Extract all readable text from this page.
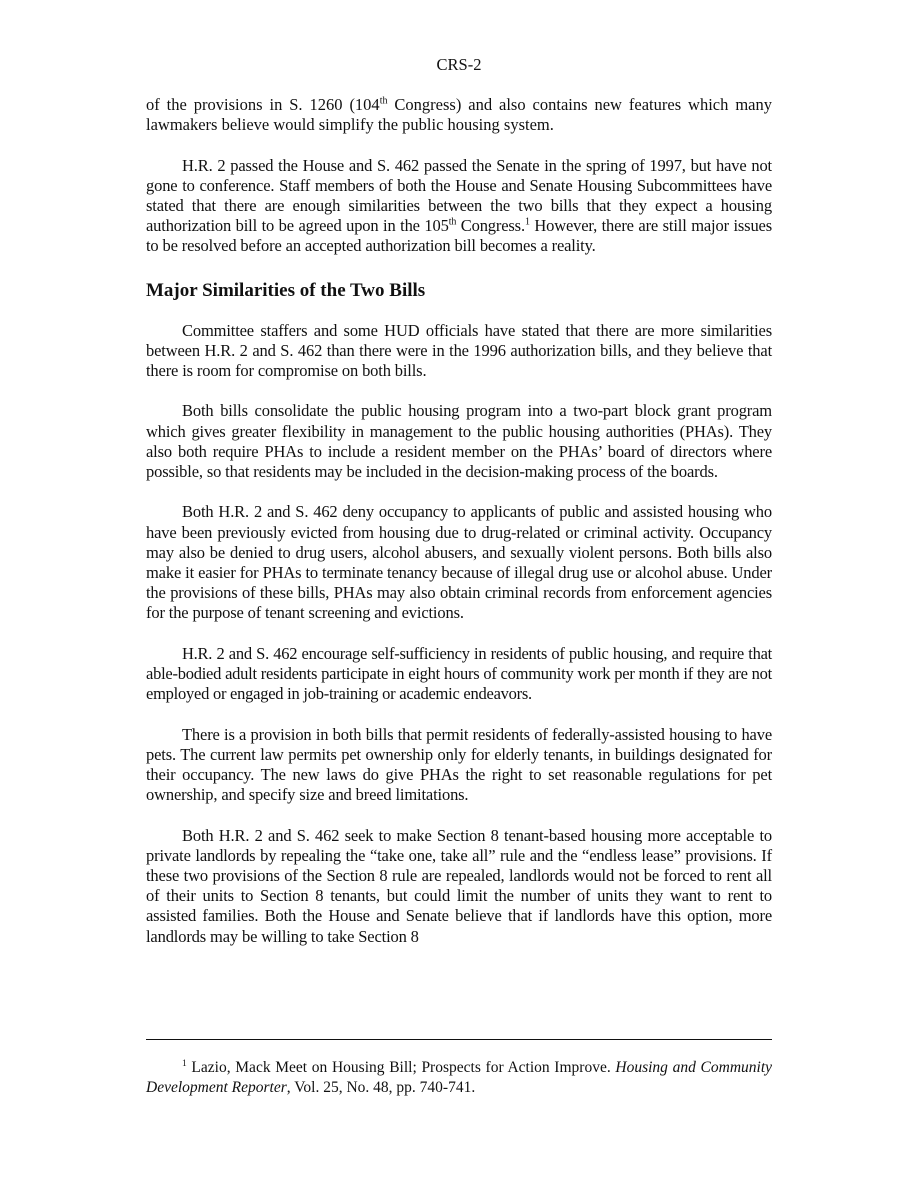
CRS-2

of the provisions in S. 1260 (104th Congress) and also contains new features which many lawmakers believe would simplify the public housing system.

H.R. 2 passed the House and S. 462 passed the Senate in the spring of 1997, but have not gone to conference. Staff members of both the House and Senate Housing Subcommittees have stated that there are enough similarities between the two bills that they expect a housing authorization bill to be agreed upon in the 105th Congress.$^1$ However, there are still major issues to be resolved before an accepted authorization bill becomes a reality.

Major Similarities of the Two Bills

Committee staffers and some HUD officials have stated that there are more similarities between H.R. 2 and S. 462 than there were in the 1996 authorization bills, and they believe that there is room for compromise on both bills.

Both bills consolidate the public housing program into a two-part block grant program which gives greater flexibility in management to the public housing authorities (PHAs). They also both require PHAs to include a resident member on the PHAs’ board of directors where possible, so that residents may be included in the decision-making process of the boards.

Both H.R. 2 and S. 462 deny occupancy to applicants of public and assisted housing who have been previously evicted from housing due to drug-related or criminal activity. Occupancy may also be denied to drug users, alcohol abusers, and sexually violent persons. Both bills also make it easier for PHAs to terminate tenancy because of illegal drug use or alcohol abuse. Under the provisions of these bills, PHAs may also obtain criminal records from enforcement agencies for the purpose of tenant screening and evictions.

H.R. 2 and S. 462 encourage self-sufficiency in residents of public housing, and require that able-bodied adult residents participate in eight hours of community work per month if they are not employed or engaged in job-training or academic endeavors.

There is a provision in both bills that permit residents of federally-assisted housing to have pets. The current law permits pet ownership only for elderly tenants, in buildings designated for their occupancy. The new laws do give PHAs the right to set reasonable regulations for pet ownership, and specify size and breed limitations.

Both H.R. 2 and S. 462 seek to make Section 8 tenant-based housing more acceptable to private landlords by repealing the “take one, take all” rule and the “endless lease” provisions. If these two provisions of the Section 8 rule are repealed, landlords would not be forced to rent all of their units to Section 8 tenants, but could limit the number of units they want to rent to assisted families. Both the House and Senate believe that if landlords have this option, more landlords may be willing to take Section 8

$^1$ Lazio, Mack Meet on Housing Bill; Prospects for Action Improve. Housing and Community Development Reporter, Vol. 25, No. 48, pp. 740-741.
